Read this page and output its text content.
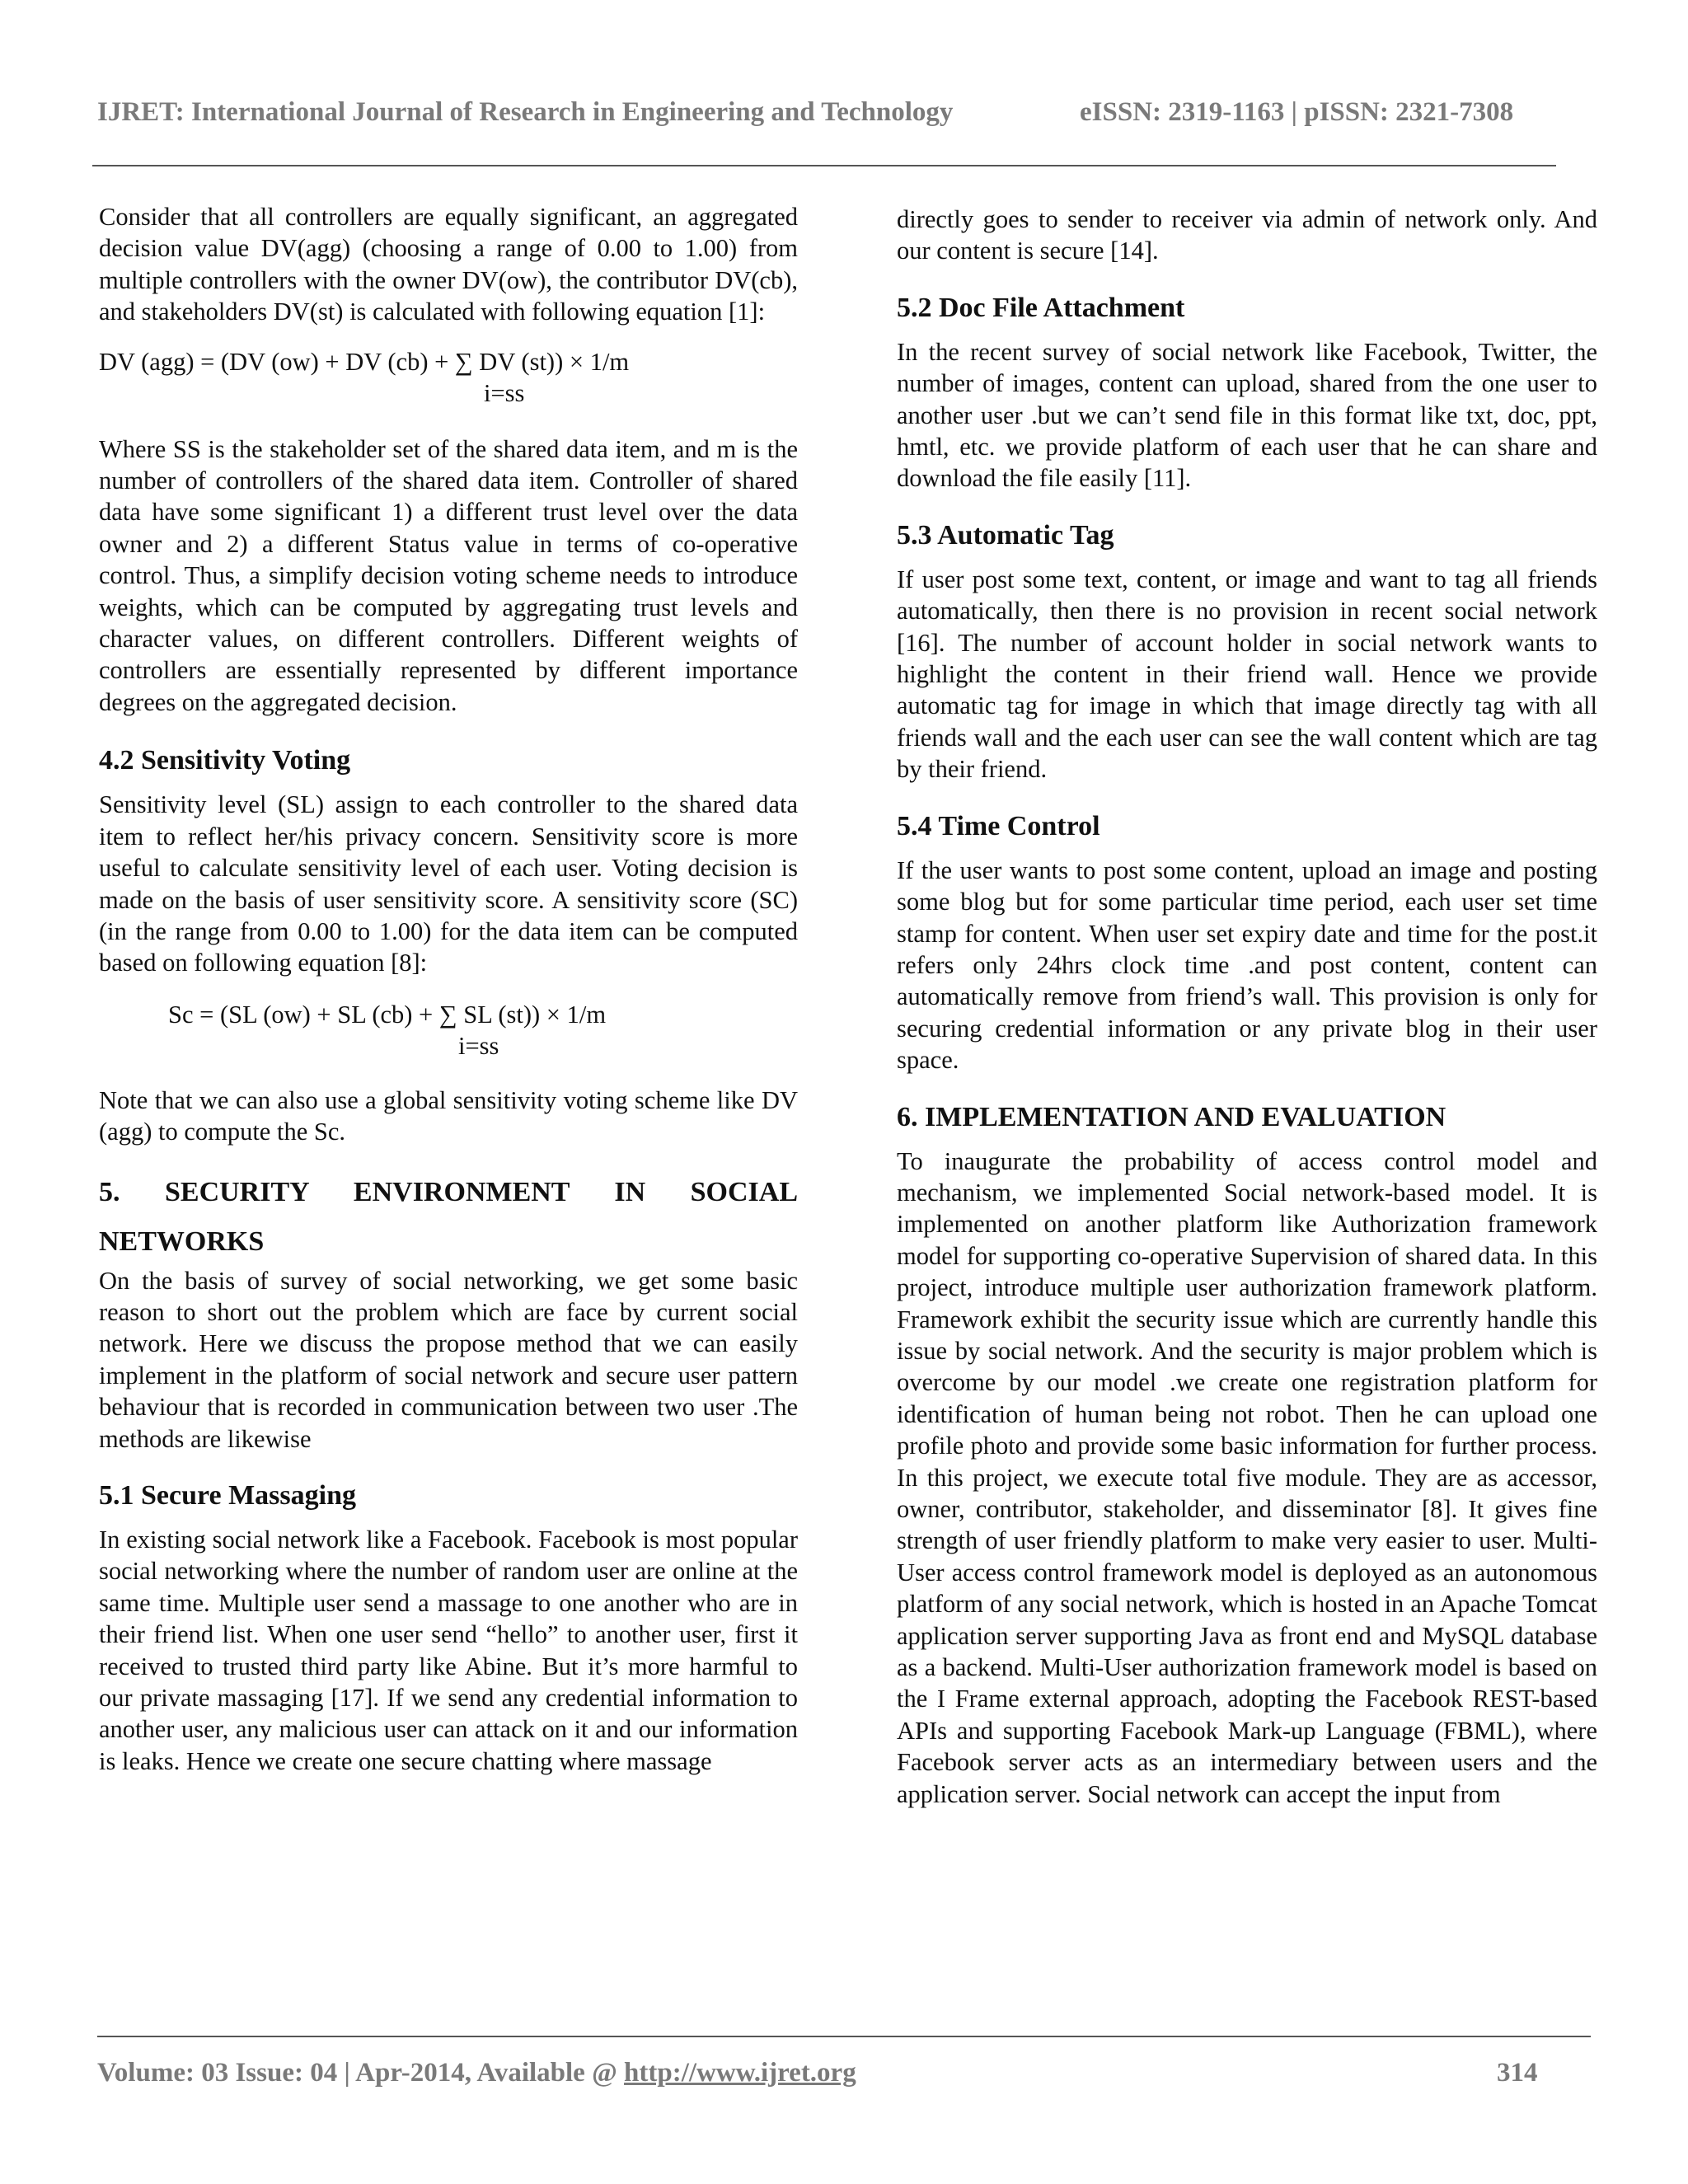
IJRET: International Journal of Research in Engineering and Technology	eISSN: 2319-1163 | pISSN: 2321-7308

Consider that all controllers are equally significant, an aggregated decision value DV(agg) (choosing a range of 0.00 to 1.00) from multiple controllers with the owner DV(ow), the contributor DV(cb), and stakeholders DV(st) is calculated with following equation [1]:

DV (agg) = (DV (ow) + DV (cb) + ∑ DV (st)) × 1/m
i=ss

Where SS is the stakeholder set of the shared data item, and m is the number of controllers of the shared data item. Controller of shared data have some significant 1) a different trust level over the data owner and 2) a different Status value in terms of co-operative control. Thus, a simplify decision voting scheme needs to introduce weights, which can be computed by aggregating trust levels and character values, on different controllers. Different weights of controllers are essentially represented by different importance degrees on the aggregated decision.

4.2 Sensitivity Voting

Sensitivity level (SL) assign to each controller to the shared data item to reflect her/his privacy concern. Sensitivity score is more useful to calculate sensitivity level of each user. Voting decision is made on the basis of user sensitivity score. A sensitivity score (SC) (in the range from 0.00 to 1.00) for the data item can be computed based on following equation [8]:

Sc = (SL (ow) + SL (cb) + ∑ SL (st)) × 1/m
i=ss

Note that we can also use a global sensitivity voting scheme like DV (agg) to compute the Sc.

5. SECURITY ENVIRONMENT IN SOCIAL

NETWORKS

On the basis of survey of social networking, we get some basic reason to short out the problem which are face by current social network. Here we discuss the propose method that we can easily implement in the platform of social network and secure user pattern behaviour that is recorded in communication between two user .The methods are likewise

5.1 Secure Massaging

In existing social network like a Facebook. Facebook is most popular social networking where the number of random user are online at the same time. Multiple user send a massage to one another who are in their friend list. When one user send “hello” to another user, first it received to trusted third party like Abine. But it’s more harmful to our private massaging [17]. If we send any credential information to another user, any malicious user can attack on it and our information is leaks. Hence we create one secure chatting where massage

directly goes to sender to receiver via admin of network only. And our content is secure [14].

5.2 Doc File Attachment

In the recent survey of social network like Facebook, Twitter, the number of images, content can upload, shared from the one user to another user .but we can’t send file in this format like txt, doc, ppt, hmtl, etc. we provide platform of each user that he can share and download the file easily [11].

5.3 Automatic Tag

If user post some text, content, or image and want to tag all friends automatically, then there is no provision in recent social network [16]. The number of account holder in social network wants to highlight the content in their friend wall. Hence we provide automatic tag for image in which that image directly tag with all friends wall and the each user can see the wall content which are tag by their friend.

5.4 Time Control

If the user wants to post some content, upload an image and posting some blog but for some particular time period, each user set time stamp for content. When user set expiry date and time for the post.it refers only 24hrs clock time .and post content, content can automatically remove from friend’s wall. This provision is only for securing credential information or any private blog in their user space.

6. IMPLEMENTATION AND EVALUATION

To inaugurate the probability of access control model and mechanism, we implemented Social network-based model. It is implemented on another platform like Authorization framework model for supporting co-operative Supervision of shared data. In this project, introduce multiple user authorization framework platform. Framework exhibit the security issue which are currently handle this issue by social network. And the security is major problem which is overcome by our model .we create one registration platform for identification of human being not robot. Then he can upload one profile photo and provide some basic information for further process. In this project, we execute total five module. They are as accessor, owner, contributor, stakeholder, and disseminator [8]. It gives fine strength of user friendly platform to make very easier to user. Multi-User access control framework model is deployed as an autonomous platform of any social network, which is hosted in an Apache Tomcat application server supporting Java as front end and MySQL database as a backend. Multi-User authorization framework model is based on the I Frame external approach, adopting the Facebook REST-based APIs and supporting Facebook Mark-up Language (FBML), where Facebook server acts as an intermediary between users and the application server. Social network can accept the input from

Volume: 03 Issue: 04 | Apr-2014, Available @ http://www.ijret.org	314
